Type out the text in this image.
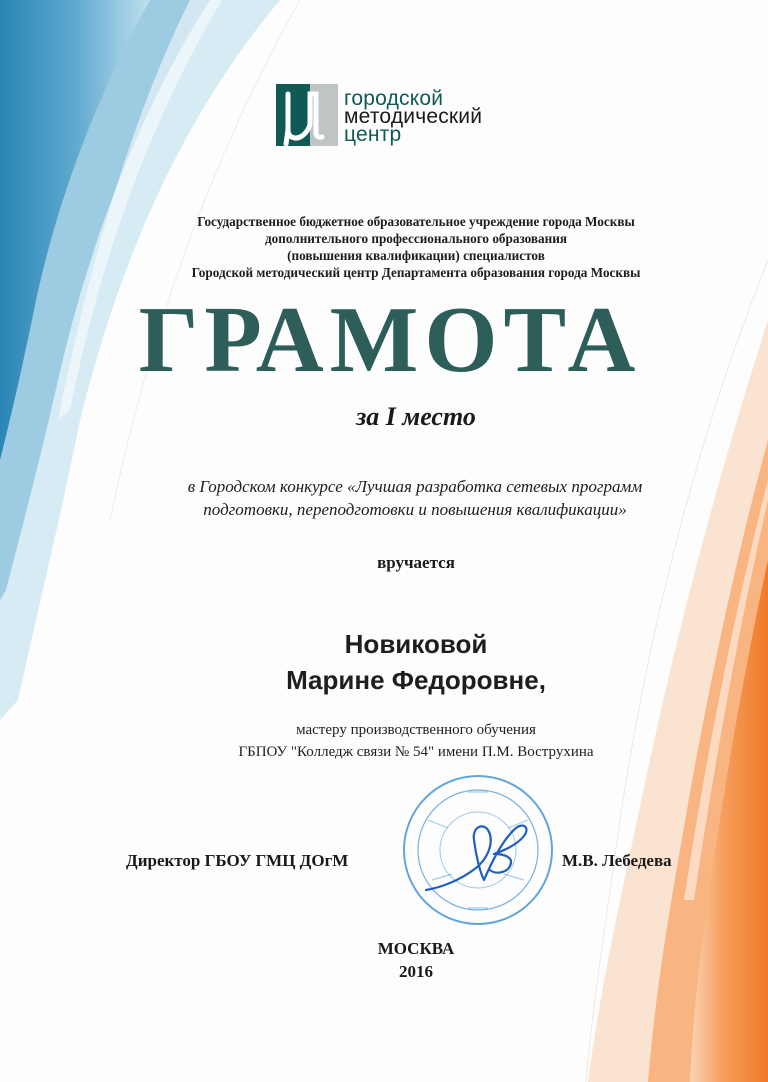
городской
методический
центр
Государственное бюджетное образовательное учреждение города Москвы
дополнительного профессионального образования
(повышения квалификации) специалистов
Городской методический центр Департамента образования города Москвы
ГРАМОТА
за I место
в Городском конкурсе «Лучшая разработка сетевых программ
подготовки, переподготовки и повышения квалификации»
вручается
Новиковой
Марине Федоровне,
мастеру производственного обучения
ГБПОУ "Колледж связи № 54" имени П.М. Вострухина
Директор ГБОУ ГМЦ ДОгМ	М.В. Лебедева
МОСКВА
2016
